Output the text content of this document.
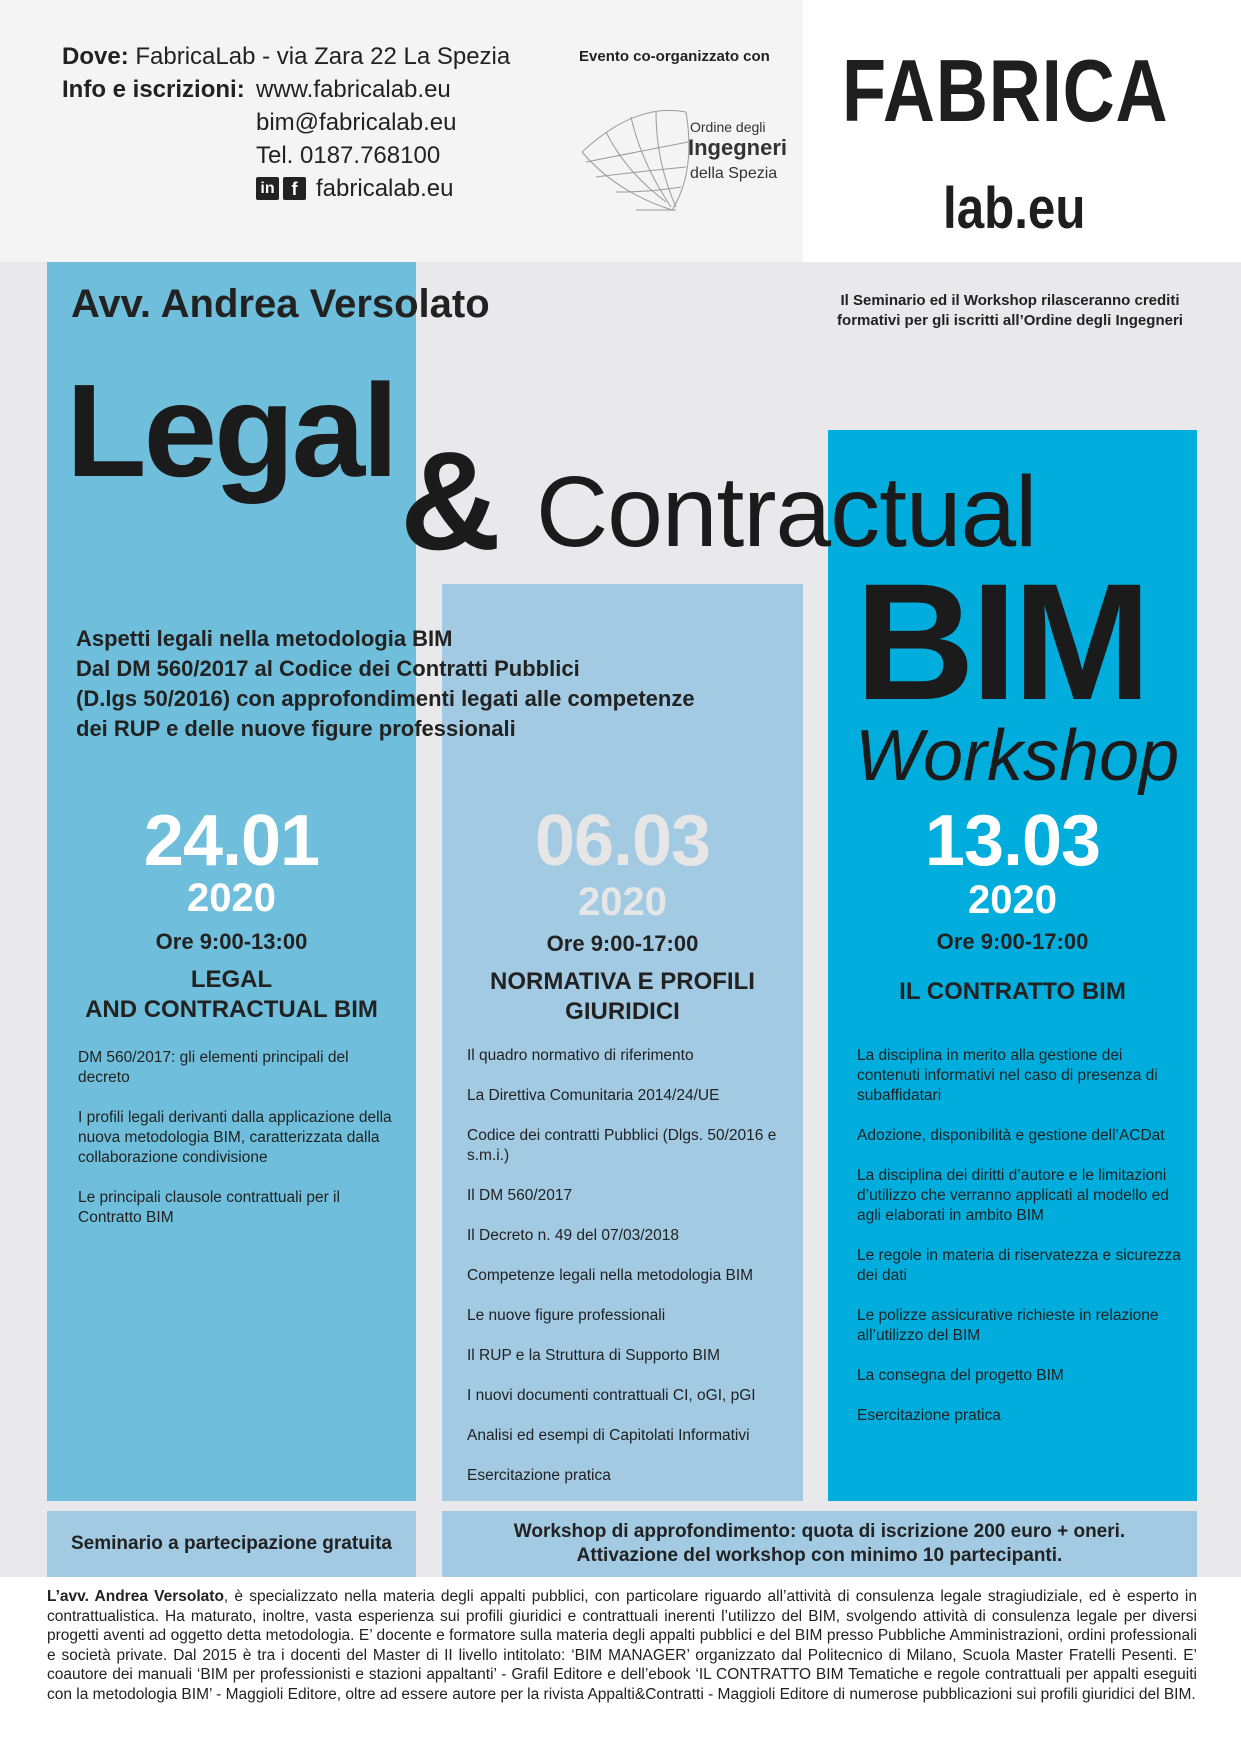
Dove: FabricaLab - via Zara 22 La Spezia
Info e iscrizioni: www.fabricalab.eu
bim@fabricalab.eu
Tel. 0187.768100
in f fabricalab.eu
Evento co-organizzato con
Ordine degli
Ingegneri
della Spezia
FABRICA
lab.eu
Avv. Andrea Versolato	Il Seminario ed il Workshop rilasceranno crediti formativi per gli iscritti all’Ordine degli Ingegneri
Legal & Contractual
BIM
Workshop
Aspetti legali nella metodologia BIM
Dal DM 560/2017 al Codice dei Contratti Pubblici
(D.lgs 50/2016) con approfondimenti legati alle competenze
dei RUP e delle nuove figure professionali
24.01
2020
Ore 9:00-13:00
LEGAL
AND CONTRACTUAL BIM
DM 560/2017: gli elementi principali del decreto
I profili legali derivanti dalla applicazione della nuova metodologia BIM, caratterizzata dalla collaborazione condivisione
Le principali clausole contrattuali per il Contratto BIM
06.03
2020
Ore 9:00-17:00
NORMATIVA E PROFILI
GIURIDICI
Il quadro normativo di riferimento
La Direttiva Comunitaria 2014/24/UE
Codice dei contratti Pubblici (Dlgs. 50/2016 e s.m.i.)
Il DM 560/2017
Il Decreto n. 49 del 07/03/2018
Competenze legali nella metodologia BIM
Le nuove figure professionali
Il RUP e la Struttura di Supporto BIM
I nuovi documenti contrattuali CI, oGI, pGI
Analisi ed esempi di Capitolati Informativi
Esercitazione pratica
13.03
2020
Ore 9:00-17:00
IL CONTRATTO BIM
La disciplina in merito alla gestione dei contenuti informativi nel caso di presenza di subaffidatari
Adozione, disponibilità e gestione dell’ACDat
La disciplina dei diritti d’autore e le limitazioni d’utilizzo che verranno applicati al modello ed agli elaborati in ambito BIM
Le regole in materia di riservatezza e sicurezza dei dati
Le polizze assicurative richieste in relazione all’utilizzo del BIM
La consegna del progetto BIM
Esercitazione pratica
Seminario a partecipazione gratuita
Workshop di approfondimento: quota di iscrizione 200 euro + oneri.
Attivazione del workshop con minimo 10 partecipanti.
L’avv. Andrea Versolato, è specializzato nella materia degli appalti pubblici, con particolare riguardo all’attività di consulenza legale stragiudiziale, ed è esperto in contrattualistica. Ha maturato, inoltre, vasta esperienza sui profili giuridici e contrattuali inerenti l’utilizzo del BIM, svolgendo attività di consulenza legale per diversi progetti aventi ad oggetto detta metodologia. E’ docente e formatore sulla materia degli appalti pubblici e del BIM presso Pubbliche Amministrazioni, ordini professionali e società private. Dal 2015 è tra i docenti del Master di II livello intitolato: ‘BIM MANAGER’ organizzato dal Politecnico di Milano, Scuola Master Fratelli Pesenti. E’ coautore dei manuali ‘BIM per professionisti e stazioni appaltanti’ - Grafil Editore e dell’ebook ‘IL CONTRATTO BIM Tematiche e regole contrattuali per appalti eseguiti con la metodologia BIM’ - Maggioli Editore, oltre ad essere autore per la rivista Appalti&Contratti - Maggioli Editore di numerose pubblicazioni sui profili giuridici del BIM.
